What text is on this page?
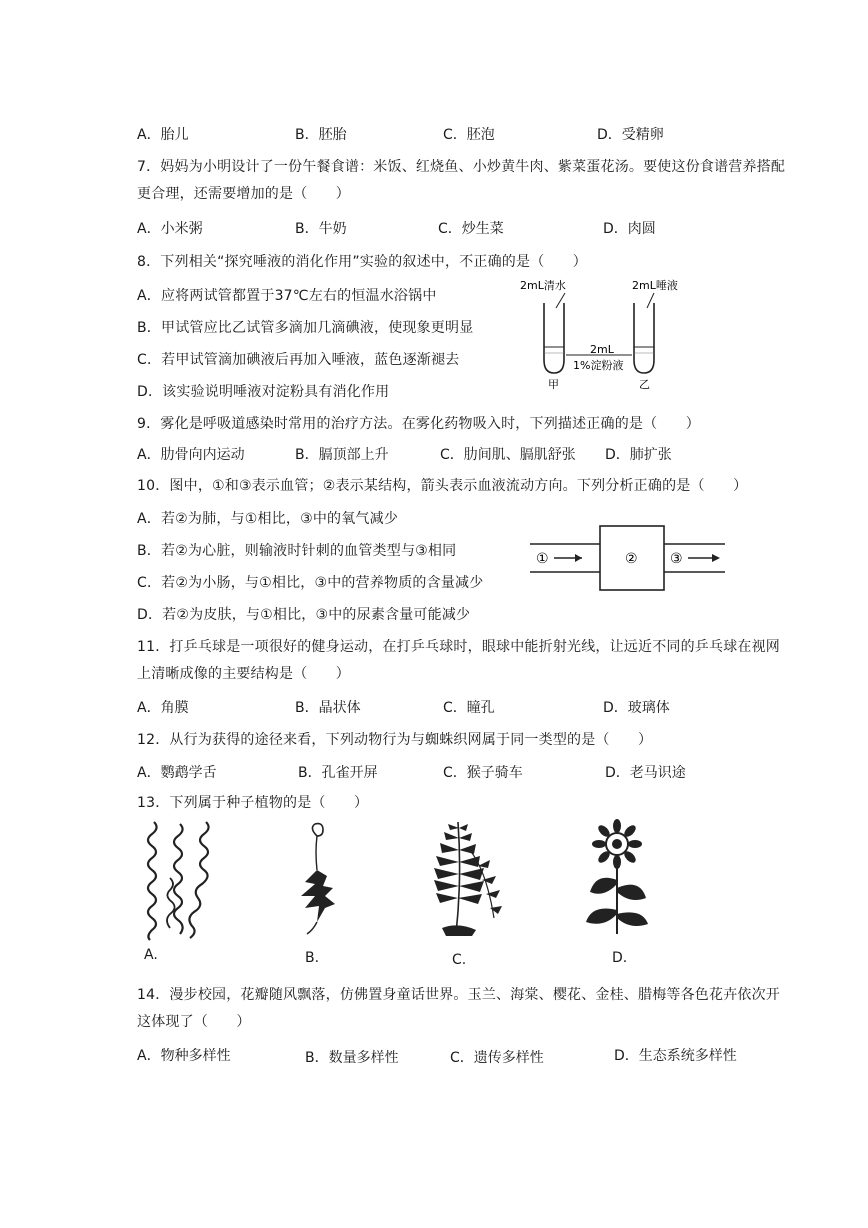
A．胎儿	B．胚胎	C．胚泡	D．受精卵
7．妈妈为小明设计了一份午餐食谱：米饭、红烧鱼、小炒黄牛肉、紫菜蛋花汤。要使这份食谱营养搭配
更合理，还需要增加的是（　　）
A．小米粥	B．牛奶	C．炒生菜	D．肉圆
8．下列相关“探究唾液的消化作用”实验的叙述中，不正确的是（　　）
A．应将两试管都置于37℃左右的恒温水浴锅中
B．甲试管应比乙试管多滴加几滴碘液，使现象更明显
C．若甲试管滴加碘液后再加入唾液，蓝色逐渐褪去
D．该实验说明唾液对淀粉具有消化作用
2mL清水	2mL唾液
2mL
1%淀粉液
甲	乙
9．雾化是呼吸道感染时常用的治疗方法。在雾化药物吸入时，下列描述正确的是（　　）
A．肋骨向内运动	B．膈顶部上升	C．肋间肌、膈肌舒张 D．肺扩张
10．图中，①和③表示血管；②表示某结构，箭头表示血液流动方向。下列分析正确的是（　　）
A．若②为肺，与①相比，③中的氧气减少
B．若②为心脏，则输液时针刺的血管类型与③相同
C．若②为小肠，与①相比，③中的营养物质的含量减少
D．若②为皮肤，与①相比，③中的尿素含量可能减少
①	② ③
11．打乒乓球是一项很好的健身运动，在打乒乓球时，眼球中能折射光线，让远近不同的乒乓球在视网
上清晰成像的主要结构是（　　）
A．角膜	B．晶状体	C．瞳孔	D．玻璃体
12．从行为获得的途径来看，下列动物行为与蜘蛛织网属于同一类型的是（　　）
A．鹦鹉学舌	B．孔雀开屏	C．猴子骑车	D．老马识途
13．下列属于种子植物的是（　　）
A.	B.	C.	D.
14．漫步校园，花瓣随风飘落，仿佛置身童话世界。玉兰、海棠、樱花、金桂、腊梅等各色花卉依次开
这体现了（　　）
A．物种多样性	B．数量多样性	C．遗传多样性	D．生态系统多样性
